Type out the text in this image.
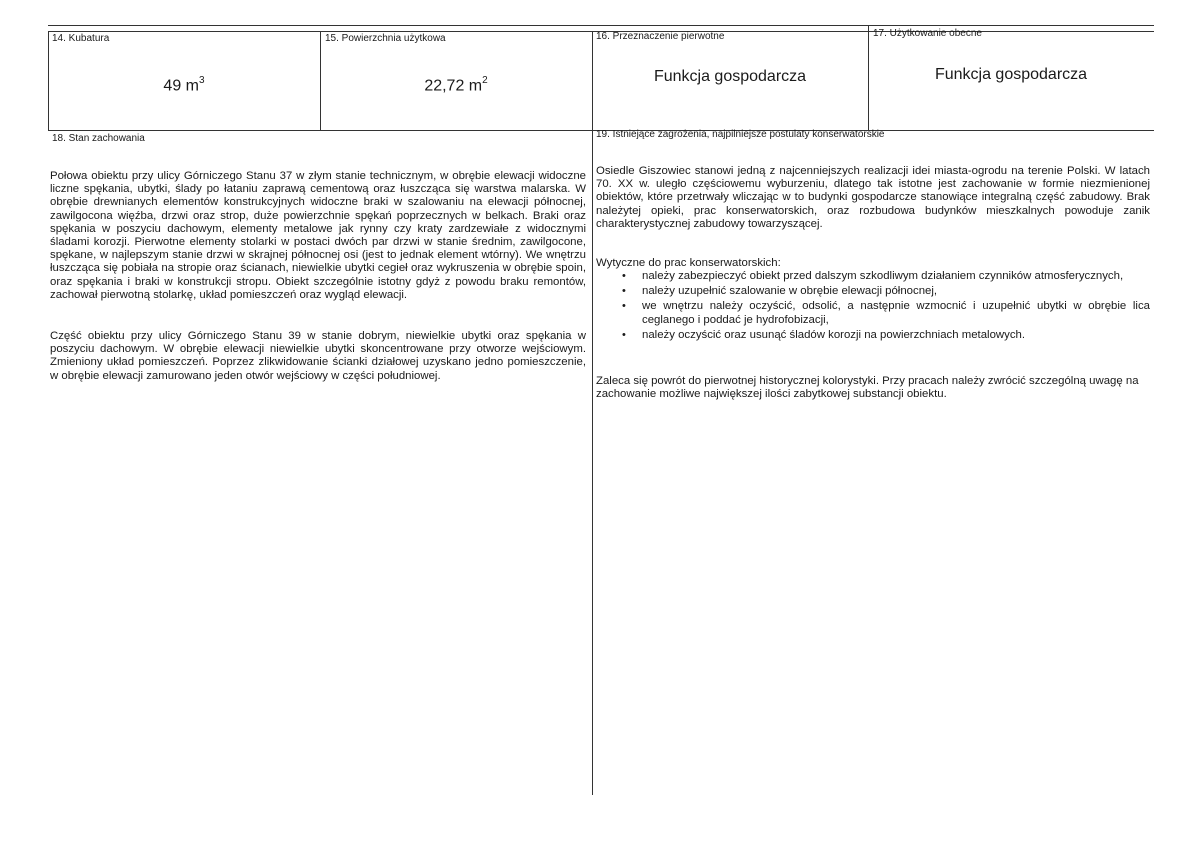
14. Kubatura
49 $m^3$
15. Powierzchnia użytkowa
22,72 $m^2$
16. Przeznaczenie pierwotne
Funkcja gospodarcza
17. Użytkowanie obecne
Funkcja gospodarcza
18. Stan zachowania	19. Istniejące zagrożenia, najpilniejsze postulaty konserwatorskie

Połowa obiektu przy ulicy Górniczego Stanu 37 w złym stanie technicznym, w obrębie elewacji widoczne liczne spękania, ubytki, ślady po łataniu zaprawą cementową oraz łuszcząca się warstwa malarska. W obrębie drewnianych elementów konstrukcyjnych widoczne braki w szalowaniu na elewacji północnej, zawilgocona więźba, drzwi oraz strop, duże powierzchnie spękań poprzecznych w belkach. Braki oraz spękania w poszyciu dachowym, elementy metalowe jak rynny czy kraty zardzewiałe z widocznymi śladami korozji. Pierwotne elementy stolarki w postaci dwóch par drzwi w stanie średnim, zawilgocone, spękane, w najlepszym stanie drzwi w skrajnej północnej osi (jest to jednak element wtórny). We wnętrzu łuszcząca się pobiała na stropie oraz ścianach, niewielkie ubytki cegieł oraz wykruszenia w obrębie spoin, oraz spękania i braki w konstrukcji stropu. Obiekt szczególnie istotny gdyż z powodu braku remontów, zachował pierwotną stolarkę, układ pomieszczeń oraz wygląd elewacji.

Część obiektu przy ulicy Górniczego Stanu 39 w stanie dobrym, niewielkie ubytki oraz spękania w poszyciu dachowym. W obrębie elewacji niewielkie ubytki skoncentrowane przy otworze wejściowym. Zmieniony układ pomieszczeń. Poprzez zlikwidowanie ścianki działowej uzyskano jedno pomieszczenie, w obrębie elewacji zamurowano jeden otwór wejściowy w części południowej.

Osiedle Giszowiec stanowi jedną z najcenniejszych realizacji idei miasta-ogrodu na terenie Polski. W latach 70. XX w. uległo częściowemu wyburzeniu, dlatego tak istotne jest zachowanie w formie niezmienionej obiektów, które przetrwały wliczając w to budynki gospodarcze stanowiące integralną część zabudowy. Brak należytej opieki, prac konserwatorskich, oraz rozbudowa budynków mieszkalnych powoduje zanik charakterystycznej zabudowy towarzyszącej.

Wytyczne do prac konserwatorskich:

• należy zabezpieczyć obiekt przed dalszym szkodliwym działaniem czynników atmosferycznych,
• należy uzupełnić szalowanie w obrębie elewacji północnej,
• we wnętrzu należy oczyścić, odsolić, a następnie wzmocnić i uzupełnić ubytki w obrębie lica ceglanego i poddać je hydrofobizacji,
• należy oczyścić oraz usunąć śladów korozji na powierzchniach metalowych.

Zaleca się powrót do pierwotnej historycznej kolorystyki. Przy pracach należy zwrócić szczególną uwagę na zachowanie możliwe największej ilości zabytkowej substancji obiektu.
